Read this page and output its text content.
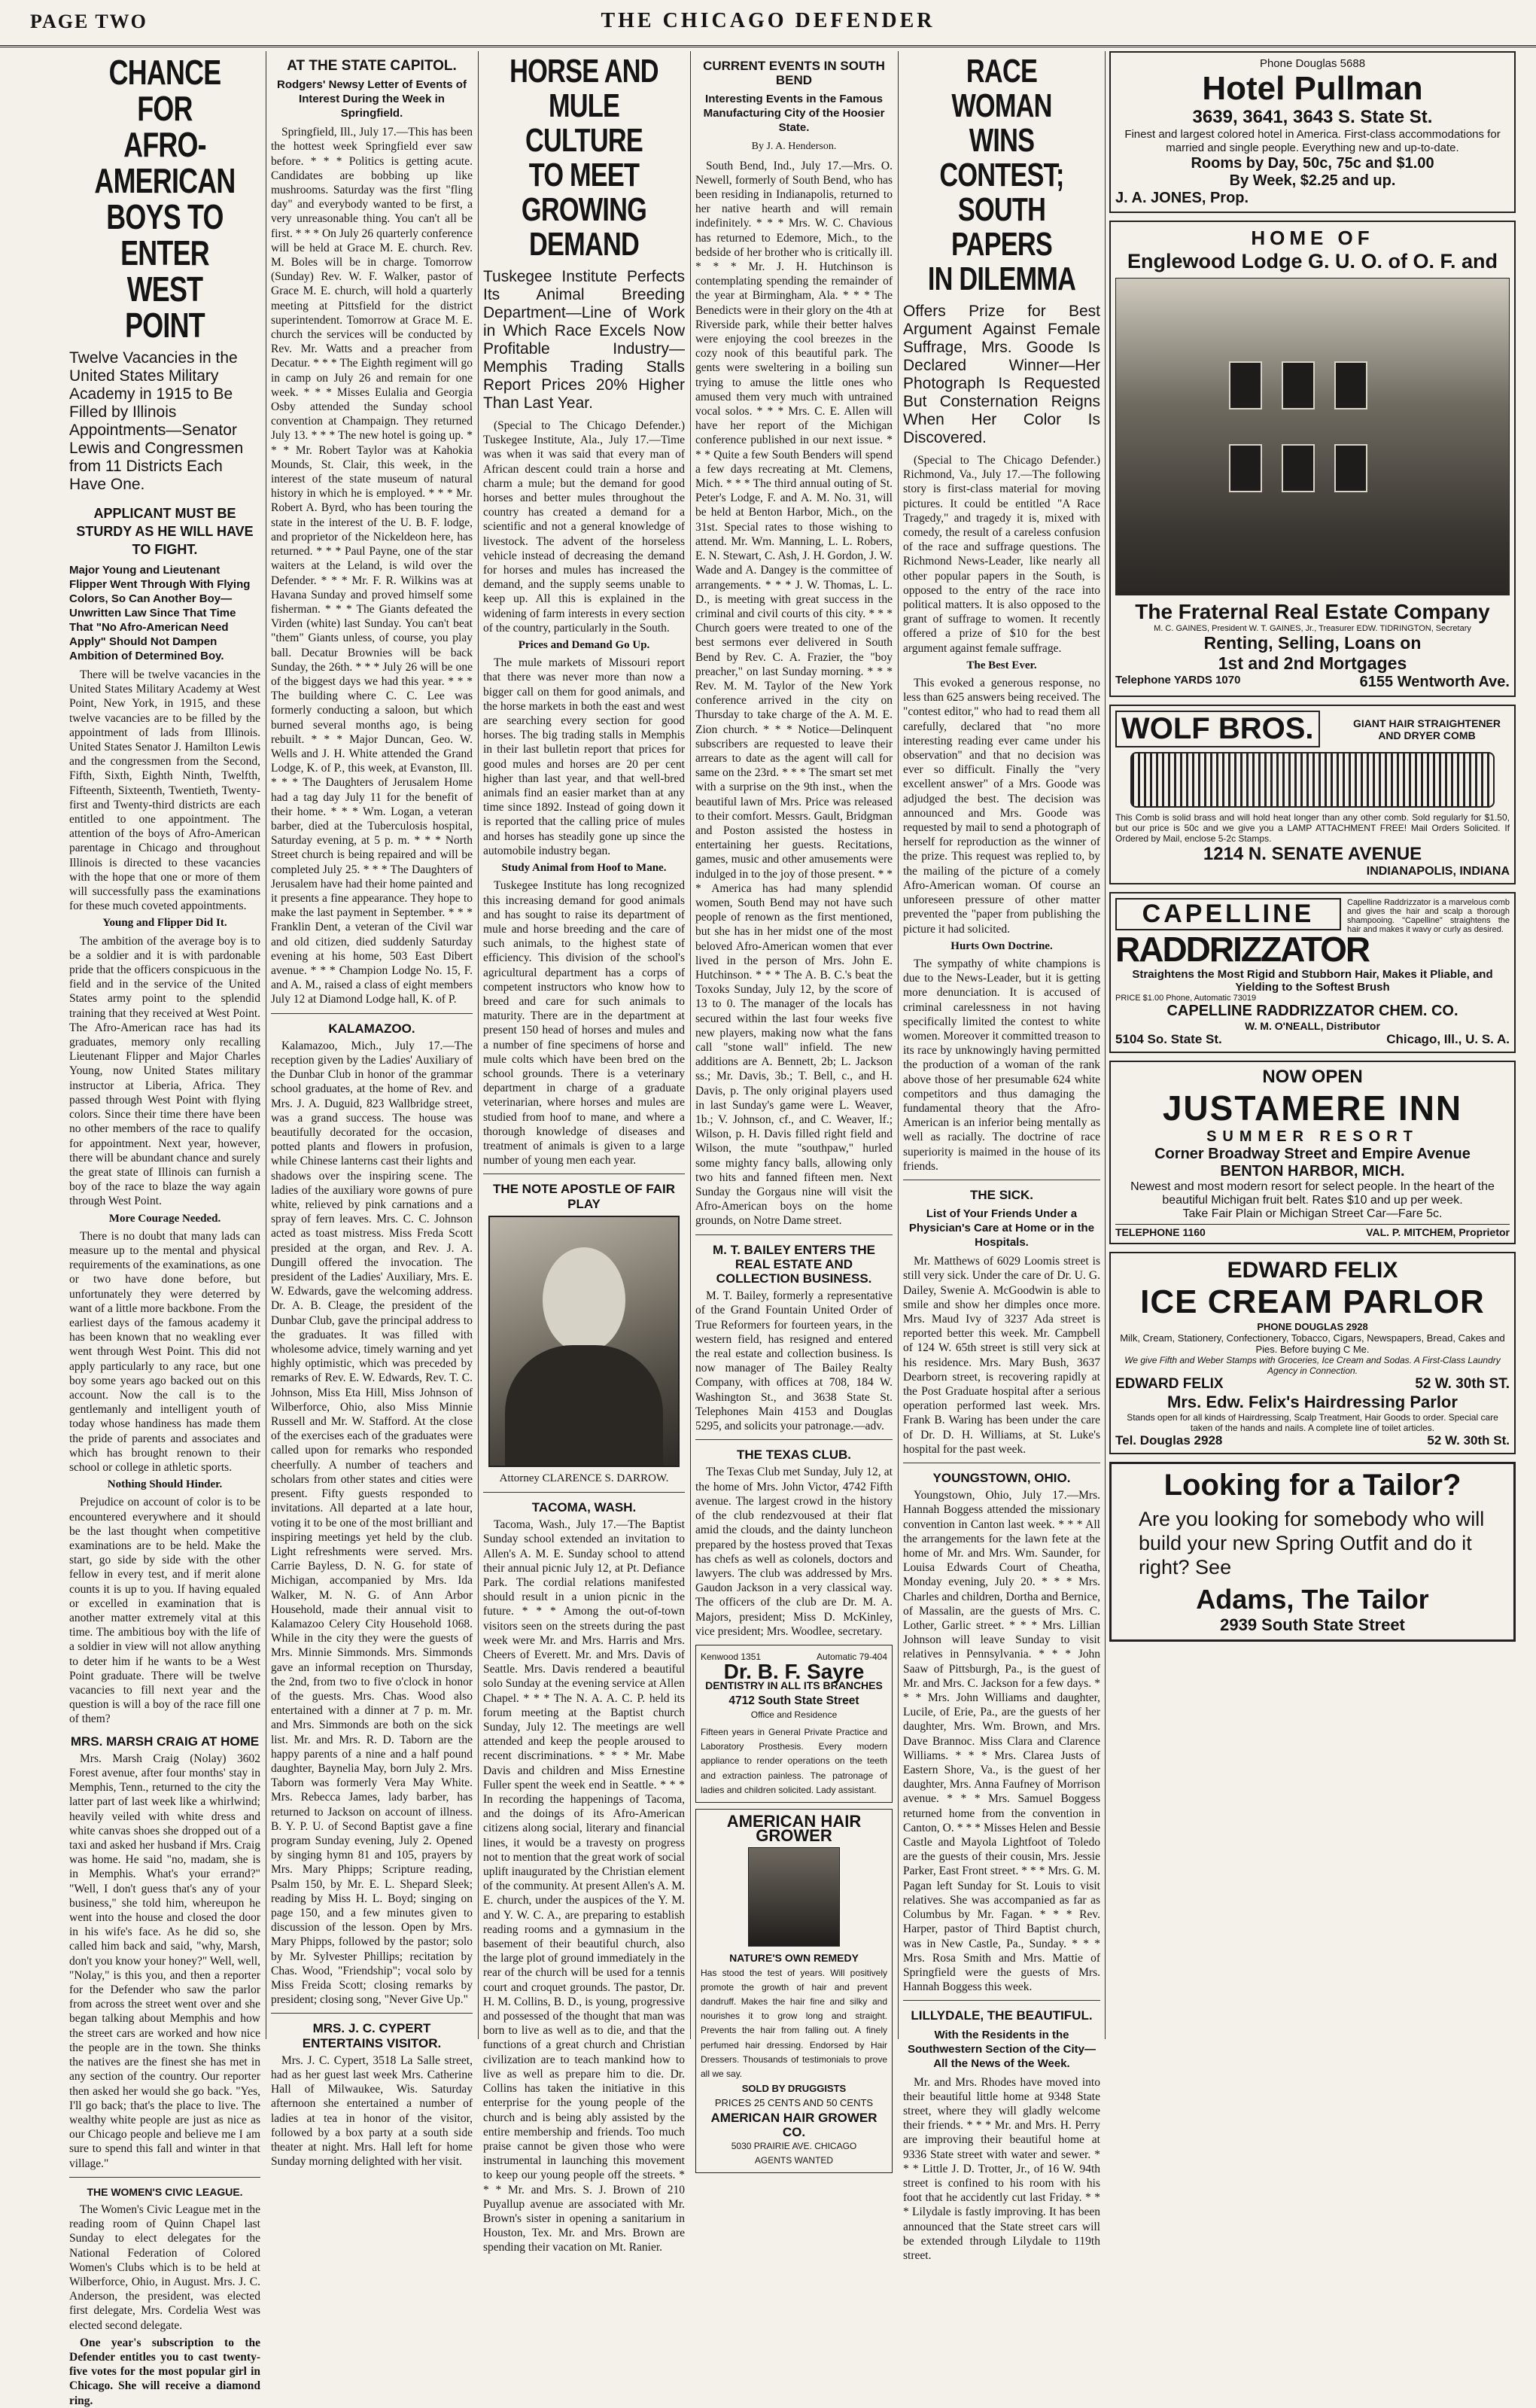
PAGE TWO	THE CHICAGO DEFENDER
CHANCE FOR
AFRO-AMERICAN
BOYS TO ENTER
WEST POINT
Twelve Vacancies in the United States Military Academy in 1915 to Be Filled by Illinois Appointments—Senator Lewis and Congressmen from 11 Districts Each Have One.
APPLICANT MUST BE STURDY AS HE WILL HAVE TO FIGHT.
Major Young and Lieutenant Flipper Went Through With Flying Colors, So Can Another Boy—Unwritten Law Since That Time That "No Afro-American Need Apply" Should Not Dampen Ambition of Determined Boy.

There will be twelve vacancies in the United States Military Academy at West Point, New York, in 1915, and these twelve vacancies are to be filled by the appointment of lads from Illinois. United States Senator J. Hamilton Lewis and the congressmen from the Second, Fifth, Sixth, Eighth Ninth, Twelfth, Fifteenth, Sixteenth, Twentieth, Twenty-first and Twenty-third districts are each entitled to one appointment. The attention of the boys of Afro-American parentage in Chicago and throughout Illinois is directed to these vacancies with the hope that one or more of them will successfully pass the examinations for these much coveted appointments.

Young and Flipper Did It.

The ambition of the average boy is to be a soldier and it is with pardonable pride that the officers conspicuous in the field and in the service of the United States army point to the splendid training that they received at West Point. The Afro-American race has had its graduates, memory only recalling Lieutenant Flipper and Major Charles Young, now United States military instructor at Liberia, Africa. They passed through West Point with flying colors. Since their time there have been no other members of the race to qualify for appointment. Next year, however, there will be abundant chance and surely the great state of Illinois can furnish a boy of the race to blaze the way again through West Point.

More Courage Needed.

There is no doubt that many lads can measure up to the mental and physical requirements of the examinations, as one or two have done before, but unfortunately they were deterred by want of a little more backbone. From the earliest days of the famous academy it has been known that no weakling ever went through West Point. This did not apply particularly to any race, but one boy some years ago backed out on this account. Now the call is to the gentlemanly and intelligent youth of today whose handiness has made them the pride of parents and associates and which has brought renown to their school or college in athletic sports.

Nothing Should Hinder.

Prejudice on account of color is to be encountered everywhere and it should be the last thought when competitive examinations are to be held. Make the start, go side by side with the other fellow in every test, and if merit alone counts it is up to you. If having equaled or excelled in examination that is another matter extremely vital at this time. The ambitious boy with the life of a soldier in view will not allow anything to deter him if he wants to be a West Point graduate. There will be twelve vacancies to fill next year and the question is will a boy of the race fill one of them?

MRS. MARSH CRAIG AT HOME

Mrs. Marsh Craig (Nolay) 3602 Forest avenue, after four months' stay in Memphis, Tenn., returned to the city the latter part of last week like a whirlwind; heavily veiled with white dress and white canvas shoes she dropped out of a taxi and asked her husband if Mrs. Craig was home. He said "no, madam, she is in Memphis. What's your errand?" "Well, I don't guess that's any of your business," she told him, whereupon he went into the house and closed the door in his wife's face. As he did so, she called him back and said, "why, Marsh, don't you know your honey?" Well, well, "Nolay," is this you, and then a reporter for the Defender who saw the parlor from across the street went over and she began talking about Memphis and how the street cars are worked and how nice the people are in the town. She thinks the natives are the finest she has met in any section of the country. Our reporter then asked her would she go back. "Yes, I'll go back; that's the place to live. The wealthy white people are just as nice as our Chicago people and believe me I am sure to spend this fall and winter in that village."

THE WOMEN'S CIVIC LEAGUE.

The Women's Civic League met in the reading room of Quinn Chapel last Sunday to elect delegates for the National Federation of Colored Women's Clubs which is to be held at Wilberforce, Ohio, in August. Mrs. J. C. Anderson, the president, was elected first delegate, Mrs. Cordelia West was elected second delegate.

One year's subscription to the Defender entitles you to cast twenty-five votes for the most popular girl in Chicago. She will receive a diamond ring.

AT THE STATE CAPITOL.
Rodgers' Newsy Letter of Events of Interest During the Week in Springfield.

Springfield, Ill., July 17.—This has been the hottest week Springfield ever saw before. * * * Politics is getting acute. Candidates are bobbing up like mushrooms. Saturday was the first "fling day" and everybody wanted to be first, a very unreasonable thing. You can't all be first. * * * On July 26 quarterly conference will be held at Grace M. E. church. Rev. M. Boles will be in charge. Tomorrow (Sunday) Rev. W. F. Walker, pastor of Grace M. E. church, will hold a quarterly meeting at Pittsfield for the district superintendent. Tomorrow at Grace M. E. church the services will be conducted by Rev. Mr. Watts and a preacher from Decatur. * * * The Eighth regiment will go in camp on July 26 and remain for one week. * * * Misses Eulalia and Georgia Osby attended the Sunday school convention at Champaign. They returned July 13. * * * The new hotel is going up. * * * Mr. Robert Taylor was at Kahokia Mounds, St. Clair, this week, in the interest of the state museum of natural history in which he is employed. * * * Mr. Robert A. Byrd, who has been touring the state in the interest of the U. B. F. lodge, and proprietor of the Nickeldeon here, has returned. * * * Paul Payne, one of the star waiters at the Leland, is wild over the Defender. * * * Mr. F. R. Wilkins was at Havana Sunday and proved himself some fisherman. * * * The Giants defeated the Virden (white) last Sunday. You can't beat "them" Giants unless, of course, you play ball. Decatur Brownies will be back Sunday, the 26th. * * * July 26 will be one of the biggest days we had this year. * * * The building where C. C. Lee was formerly conducting a saloon, but which burned several months ago, is being rebuilt. * * * Major Duncan, Geo. W. Wells and J. H. White attended the Grand Lodge, K. of P., this week, at Evanston, Ill. * * * The Daughters of Jerusalem Home had a tag day July 11 for the benefit of their home. * * * Wm. Logan, a veteran barber, died at the Tuberculosis hospital, Saturday evening, at 5 p. m. * * * North Street church is being repaired and will be completed July 25. * * * The Daughters of Jerusalem have had their home painted and it presents a fine appearance. They hope to make the last payment in September. * * * Franklin Dent, a veteran of the Civil war and old citizen, died suddenly Saturday evening at his home, 503 East Dibert avenue. * * * Champion Lodge No. 15, F. and A. M., raised a class of eight members July 12 at Diamond Lodge hall, K. of P.

KALAMAZOO.

Kalamazoo, Mich., July 17.—The reception given by the Ladies' Auxiliary of the Dunbar Club in honor of the grammar school graduates, at the home of Rev. and Mrs. J. A. Duguid, 823 Wallbridge street, was a grand success. The house was beautifully decorated for the occasion, potted plants and flowers in profusion, while Chinese lanterns cast their lights and shadows over the inspiring scene. The ladies of the auxiliary wore gowns of pure white, relieved by pink carnations and a spray of fern leaves. Mrs. C. C. Johnson acted as toast mistress. Miss Freda Scott presided at the organ, and Rev. J. A. Dungill offered the invocation. The president of the Ladies' Auxiliary, Mrs. E. W. Edwards, gave the welcoming address. Dr. A. B. Cleage, the president of the Dunbar Club, gave the principal address to the graduates. It was filled with wholesome advice, timely warning and yet highly optimistic, which was preceded by remarks of Rev. E. W. Edwards, Rev. T. C. Johnson, Miss Eta Hill, Miss Johnson of Wilberforce, Ohio, also Miss Minnie Russell and Mr. W. Stafford. At the close of the exercises each of the graduates were called upon for remarks who responded cheerfully. A number of teachers and scholars from other states and cities were present. Fifty guests responded to invitations. All departed at a late hour, voting it to be one of the most brilliant and inspiring meetings yet held by the club. Light refreshments were served. Mrs. Carrie Bayless, D. N. G. for state of Michigan, accompanied by Mrs. Ida Walker, M. N. G. of Ann Arbor Household, made their annual visit to Kalamazoo Celery City Household 1068. While in the city they were the guests of Mrs. Minnie Simmonds. Mrs. Simmonds gave an informal reception on Thursday, the 2nd, from two to five o'clock in honor of the guests. Mrs. Chas. Wood also entertained with a dinner at 7 p. m. Mr. and Mrs. Simmonds are both on the sick list. Mr. and Mrs. R. D. Taborn are the happy parents of a nine and a half pound daughter, Baynelia May, born July 2. Mrs. Taborn was formerly Vera May White. Mrs. Rebecca James, lady barber, has returned to Jackson on account of illness. B. Y. P. U. of Second Baptist gave a fine program Sunday evening, July 2. Opened by singing hymn 81 and 105, prayers by Mrs. Mary Phipps; Scripture reading, Psalm 150, by Mr. E. L. Shepard Sleek; reading by Miss H. L. Boyd; singing on page 150, and a few minutes given to discussion of the lesson. Open by Mrs. Mary Phipps, followed by the pastor; solo by Mr. Sylvester Phillips; recitation by Chas. Wood, "Friendship"; vocal solo by Miss Freida Scott; closing remarks by president; closing song, "Never Give Up."

MRS. J. C. CYPERT ENTERTAINS VISITOR.

Mrs. J. C. Cypert, 3518 La Salle street, had as her guest last week Mrs. Catherine Hall of Milwaukee, Wis. Saturday afternoon she entertained a number of ladies at tea in honor of the visitor, followed by a box party at a south side theater at night. Mrs. Hall left for home Sunday morning delighted with her visit.

HORSE AND MULE
CULTURE TO MEET
GROWING DEMAND
Tuskegee Institute Perfects Its Animal Breeding Department—Line of Work in Which Race Excels Now Profitable Industry—Memphis Trading Stalls Report Prices 20% Higher Than Last Year.

(Special to The Chicago Defender.) Tuskegee Institute, Ala., July 17.—Time was when it was said that every man of African descent could train a horse and charm a mule; but the demand for good horses and better mules throughout the country has created a demand for a scientific and not a general knowledge of livestock. The advent of the horseless vehicle instead of decreasing the demand for horses and mules has increased the demand, and the supply seems unable to keep up. All this is explained in the widening of farm interests in every section of the country, particularly in the South.

Prices and Demand Go Up.

The mule markets of Missouri report that there was never more than now a bigger call on them for good animals, and the horse markets in both the east and west are searching every section for good horses. The big trading stalls in Memphis in their last bulletin report that prices for good mules and horses are 20 per cent higher than last year, and that well-bred animals find an easier market than at any time since 1892. Instead of going down it is reported that the calling price of mules and horses has steadily gone up since the automobile industry began.

Study Animal from Hoof to Mane.

Tuskegee Institute has long recognized this increasing demand for good animals and has sought to raise its department of mule and horse breeding and the care of such animals, to the highest state of efficiency. This division of the school's agricultural department has a corps of competent instructors who know how to breed and care for such animals to maturity. There are in the department at present 150 head of horses and mules and a number of fine specimens of horse and mule colts which have been bred on the school grounds. There is a veterinary department in charge of a graduate veterinarian, where horses and mules are studied from hoof to mane, and where a thorough knowledge of diseases and treatment of animals is given to a large number of young men each year.

THE NOTE APOSTLE OF FAIR PLAY
Attorney CLARENCE S. DARROW.
TACOMA, WASH.

Tacoma, Wash., July 17.—The Baptist Sunday school extended an invitation to Allen's A. M. E. Sunday school to attend their annual picnic July 12, at Pt. Defiance Park. The cordial relations manifested should result in a union picnic in the future. * * * Among the out-of-town visitors seen on the streets during the past week were Mr. and Mrs. Harris and Mrs. Cheers of Everett. Mr. and Mrs. Davis of Seattle. Mrs. Davis rendered a beautiful solo Sunday at the evening service at Allen Chapel. * * * The N. A. A. C. P. held its forum meeting at the Baptist church Sunday, July 12. The meetings are well attended and keep the people aroused to recent discriminations. * * * Mr. Mabe Davis and children and Miss Ernestine Fuller spent the week end in Seattle. * * * In recording the happenings of Tacoma, and the doings of its Afro-American citizens along social, literary and financial lines, it would be a travesty on progress not to mention that the great work of social uplift inaugurated by the Christian element of the community. At present Allen's A. M. E. church, under the auspices of the Y. M. and Y. W. C. A., are preparing to establish reading rooms and a gymnasium in the basement of their beautiful church, also the large plot of ground immediately in the rear of the church will be used for a tennis court and croquet grounds. The pastor, Dr. H. M. Collins, B. D., is young, progressive and possessed of the thought that man was born to live as well as to die, and that the functions of a great church and Christian civilization are to teach mankind how to live as well as prepare him to die. Dr. Collins has taken the initiative in this enterprise for the young people of the church and is being ably assisted by the entire membership and friends. Too much praise cannot be given those who were instrumental in launching this movement to keep our young people off the streets. * * * Mr. and Mrs. S. J. Brown of 210 Puyallup avenue are associated with Mr. Brown's sister in opening a sanitarium in Houston, Tex. Mr. and Mrs. Brown are spending their vacation on Mt. Ranier.

CURRENT EVENTS IN SOUTH BEND
Interesting Events in the Famous Manufacturing City of the Hoosier State.
By J. A. Henderson.

South Bend, Ind., July 17.—Mrs. O. Newell, formerly of South Bend, who has been residing in Indianapolis, returned to her native hearth and will remain indefinitely. * * * Mrs. W. C. Chavious has returned to Edemore, Mich., to the bedside of her brother who is critically ill. * * * Mr. J. H. Hutchinson is contemplating spending the remainder of the year at Birmingham, Ala. * * * The Benedicts were in their glory on the 4th at Riverside park, while their better halves were enjoying the cool breezes in the cozy nook of this beautiful park. The gents were sweltering in a boiling sun trying to amuse the little ones who amused them very much with untrained vocal solos. * * * Mrs. C. E. Allen will have her report of the Michigan conference published in our next issue. * * * Quite a few South Benders will spend a few days recreating at Mt. Clemens, Mich. * * * The third annual outing of St. Peter's Lodge, F. and A. M. No. 31, will be held at Benton Harbor, Mich., on the 31st. Special rates to those wishing to attend. Mr. Wm. Manning, L. L. Robers, E. N. Stewart, C. Ash, J. H. Gordon, J. W. Wade and A. Dangey is the committee of arrangements. * * * J. W. Thomas, L. L. D., is meeting with great success in the criminal and civil courts of this city. * * * Church goers were treated to one of the best sermons ever delivered in South Bend by Rev. C. A. Frazier, the "boy preacher," on last Sunday morning. * * * Rev. M. M. Taylor of the New York conference arrived in the city on Thursday to take charge of the A. M. E. Zion church. * * * Notice—Delinquent subscribers are requested to leave their arrears to date as the agent will call for same on the 23rd. * * * The smart set met with a surprise on the 9th inst., when the beautiful lawn of Mrs. Price was released to their comfort. Messrs. Gault, Bridgman and Poston assisted the hostess in entertaining her guests. Recitations, games, music and other amusements were indulged in to the joy of those present. * * * America has had many splendid women, South Bend may not have such people of renown as the first mentioned, but she has in her midst one of the most beloved Afro-American women that ever lived in the person of Mrs. John E. Hutchinson. * * * The A. B. C.'s beat the Toxoks Sunday, July 12, by the score of 13 to 0. The manager of the locals has secured within the last four weeks five new players, making now what the fans call "stone wall" infield. The new additions are A. Bennett, 2b; L. Jackson ss.; Mr. Davis, 3b.; T. Bell, c., and H. Davis, p. The only original players used in last Sunday's game were L. Weaver, 1b.; V. Johnson, cf., and C. Weaver, lf.; Wilson, p. H. Davis filled right field and Wilson, the mute "southpaw," hurled some mighty fancy balls, allowing only two hits and fanned fifteen men. Next Sunday the Gorgaus nine will visit the Afro-American boys on the home grounds, on Notre Dame street.

M. T. BAILEY ENTERS THE REAL ESTATE AND COLLECTION BUSINESS.

M. T. Bailey, formerly a representative of the Grand Fountain United Order of True Reformers for fourteen years, in the western field, has resigned and entered the real estate and collection business. Is now manager of The Bailey Realty Company, with offices at 708, 184 W. Washington St., and 3638 State St. Telephones Main 4153 and Douglas 5295, and solicits your patronage.—adv.

THE TEXAS CLUB.

The Texas Club met Sunday, July 12, at the home of Mrs. John Victor, 4742 Fifth avenue. The largest crowd in the history of the club rendezvoused at their flat amid the clouds, and the dainty luncheon prepared by the hostess proved that Texas has chefs as well as colonels, doctors and lawyers. The club was addressed by Mrs. Gaudon Jackson in a very classical way. The officers of the club are Dr. M. A. Majors, president; Miss D. McKinley, vice president; Mrs. Woodlee, secretary.

Kenwood 1351	Automatic 79-404
Dr. B. F. Sayre
DENTISTRY IN ALL ITS BRANCHES
4712 South State Street
Office and Residence
Fifteen years in General Private Practice and Laboratory Prosthesis. Every modern appliance to render operations on the teeth and extraction painless. The patronage of ladies and children solicited. Lady assistant.
AMERICAN HAIR GROWER
NATURE'S OWN REMEDY
Has stood the test of years. Will positively promote the growth of hair and prevent dandruff. Makes the hair fine and silky and nourishes it to grow long and straight. Prevents the hair from falling out. A finely perfumed hair dressing. Endorsed by Hair Dressers. Thousands of testimonials to prove all we say.
SOLD BY DRUGGISTS
PRICES 25 CENTS AND 50 CENTS
AMERICAN HAIR GROWER CO.
5030 PRAIRIE AVE. CHICAGO
AGENTS WANTED
RACE WOMAN
WINS CONTEST;
SOUTH PAPERS
IN DILEMMA
Offers Prize for Best Argument Against Female Suffrage, Mrs. Goode Is Declared Winner—Her Photograph Is Requested But Consternation Reigns When Her Color Is Discovered.

(Special to The Chicago Defender.) Richmond, Va., July 17.—The following story is first-class material for moving pictures. It could be entitled "A Race Tragedy," and tragedy it is, mixed with comedy, the result of a careless confusion of the race and suffrage questions. The Richmond News-Leader, like nearly all other popular papers in the South, is opposed to the entry of the race into political matters. It is also opposed to the grant of suffrage to women. It recently offered a prize of $10 for the best argument against female suffrage.

The Best Ever.

This evoked a generous response, no less than 625 answers being received. The "contest editor," who had to read them all carefully, declared that "no more interesting reading ever came under his observation" and that no decision was ever so difficult. Finally the "very excellent answer" of a Mrs. Goode was adjudged the best. The decision was announced and Mrs. Goode was requested by mail to send a photograph of herself for reproduction as the winner of the prize. This request was replied to, by the mailing of the picture of a comely Afro-American woman. Of course an unforeseen pressure of other matter prevented the "paper from publishing the picture it had solicited.

Hurts Own Doctrine.

The sympathy of white champions is due to the News-Leader, but it is getting more denunciation. It is accused of criminal carelessness in not having specifically limited the contest to white women. Moreover it committed treason to its race by unknowingly having permitted the production of a woman of the rank above those of her presumable 624 white competitors and thus damaging the fundamental theory that the Afro-American is an inferior being mentally as well as racially. The doctrine of race superiority is maimed in the house of its friends.

THE SICK.
List of Your Friends Under a Physician's Care at Home or in the Hospitals.

Mr. Matthews of 6029 Loomis street is still very sick. Under the care of Dr. U. G. Dailey, Swenie A. McGoodwin is able to smile and show her dimples once more. Mrs. Maud Ivy of 3237 Ada street is reported better this week. Mr. Campbell of 124 W. 65th street is still very sick at his residence. Mrs. Mary Bush, 3637 Dearborn street, is recovering rapidly at the Post Graduate hospital after a serious operation performed last week. Mrs. Frank B. Waring has been under the care of Dr. D. H. Williams, at St. Luke's hospital for the past week.

YOUNGSTOWN, OHIO.

Youngstown, Ohio, July 17.—Mrs. Hannah Boggess attended the missionary convention in Canton last week. * * * All the arrangements for the lawn fete at the home of Mr. and Mrs. Wm. Saunder, for Louisa Edwards Court of Cheatha, Monday evening, July 20. * * * Mrs. Charles and children, Dortha and Bernice, of Massalin, are the guests of Mrs. C. Lother, Garlic street. * * * Mrs. Lillian Johnson will leave Sunday to visit relatives in Pennsylvania. * * * John Saaw of Pittsburgh, Pa., is the guest of Mr. and Mrs. C. Jackson for a few days. * * * Mrs. John Williams and daughter, Lucile, of Erie, Pa., are the guests of her daughter, Mrs. Wm. Brown, and Mrs. Dave Brannoc. Miss Clara and Clarence Williams. * * * Mrs. Clarea Justs of Eastern Shore, Va., is the guest of her daughter, Mrs. Anna Faufney of Morrison avenue. * * * Mrs. Samuel Boggess returned home from the convention in Canton, O. * * * Misses Helen and Bessie Castle and Mayola Lightfoot of Toledo are the guests of their cousin, Mrs. Jessie Parker, East Front street. * * * Mrs. G. M. Pagan left Sunday for St. Louis to visit relatives. She was accompanied as far as Columbus by Mr. Fagan. * * * Rev. Harper, pastor of Third Baptist church, was in New Castle, Pa., Sunday. * * * Mrs. Rosa Smith and Mrs. Mattie of Springfield were the guests of Mrs. Hannah Boggess this week.

LILLYDALE, THE BEAUTIFUL.
With the Residents in the Southwestern Section of the City—All the News of the Week.

Mr. and Mrs. Rhodes have moved into their beautiful little home at 9348 State street, where they will gladly welcome their friends. * * * Mr. and Mrs. H. Perry are improving their beautiful home at 9336 State street with water and sewer. * * * Little J. D. Trotter, Jr., of 16 W. 94th street is confined to his room with his foot that he accidently cut last Friday. * * * Lilydale is fastly improving. It has been announced that the State street cars will be extended through Lilydale to 119th street.

Phone Douglas 5688
Hotel Pullman
3639, 3641, 3643 S. State St.
Finest and largest colored hotel in America. First-class accommodations for married and single people. Everything new and up-to-date.
Rooms by Day, 50c, 75c and $1.00
By Week, $2.25 and up.
J. A. JONES, Prop.
HOME OF
Englewood Lodge G. U. O. of O. F. and
The Fraternal Real Estate Company
M. C. GAINES, President W. T. GAINES, Jr., Treasurer EDW. TIDRINGTON, Secretary
Renting, Selling, Loans on
1st and 2nd Mortgages
Telephone YARDS 1070	6155 Wentworth Ave.
WOLF BROS.	GIANT HAIR STRAIGHTENER AND DRYER COMB
This Comb is solid brass and will hold heat longer than any other comb. Sold regularly for $1.50, but our price is 50c and we give you a LAMP ATTACHMENT FREE! Mail Orders Solicited. If Ordered by Mail, enclose 5-2c Stamps.
1214 N. SENATE AVENUE
INDIANAPOLIS, INDIANA
CAPELLINE
RADDRIZZATOR
Capelline Raddrizzator is a marvelous comb and gives the hair and scalp a thorough shampooing. "Capelline" straightens the hair and makes it wavy or curly as desired.
Straightens the Most Rigid and Stubborn Hair, Makes it Pliable, and Yielding to the Softest Brush
PRICE $1.00 Phone, Automatic 73019
CAPELLINE RADDRIZZATOR CHEM. CO.
W. M. O'NEALL, Distributor
5104 So. State St.	Chicago, Ill., U. S. A.
NOW OPEN
JUSTAMERE INN
SUMMER RESORT
Corner Broadway Street and Empire Avenue
BENTON HARBOR, MICH.
Newest and most modern resort for select people. In the heart of the beautiful Michigan fruit belt. Rates $10 and up per week.
Take Fair Plain or Michigan Street Car—Fare 5c.
TELEPHONE 1160	VAL. P. MITCHEM, Proprietor
EDWARD FELIX
ICE CREAM PARLOR
PHONE DOUGLAS 2928
Milk, Cream, Stationery, Confectionery, Tobacco, Cigars, Newspapers, Bread, Cakes and Pies. Before buying C Me.
We give Fifth and Weber Stamps with Groceries, Ice Cream and Sodas. A First-Class Laundry Agency in Connection.
EDWARD FELIX	52 W. 30th ST.
Mrs. Edw. Felix's Hairdressing Parlor
Stands open for all kinds of Hairdressing, Scalp Treatment, Hair Goods to order. Special care taken of the hands and nails. A complete line of toilet articles.
Tel. Douglas 2928	52 W. 30th St.
Looking for a Tailor?
Are you looking for somebody who will build your new Spring Outfit and do it right? See
Adams, The Tailor
2939 South State Street
